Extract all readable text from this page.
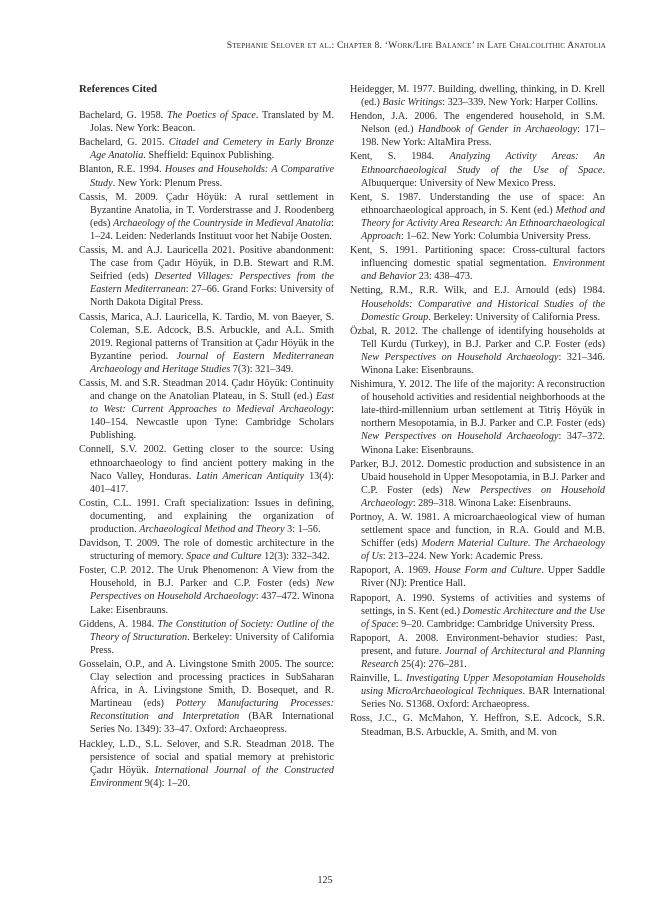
Stephanie Selover et al.: Chapter 8. ‘Work/Life Balance’ in Late Chalcolithic Anatolia
References Cited
Bachelard, G. 1958. The Poetics of Space. Translated by M. Jolas. New York: Beacon.
Bachelard, G. 2015. Citadel and Cemetery in Early Bronze Age Anatolia. Sheffield: Equinox Publishing.
Blanton, R.E. 1994. Houses and Households: A Comparative Study. New York: Plenum Press.
Cassis, M. 2009. Çadır Höyük: A rural settlement in Byzantine Anatolia, in T. Vorderstrasse and J. Roodenberg (eds) Archaeology of the Countryside in Medieval Anatolia: 1–24. Leiden: Nederlands Instituut voor het Nabije Oosten.
Cassis, M. and A.J. Lauricella 2021. Positive abandonment: The case from Çadır Höyük, in D.B. Stewart and R.M. Seifried (eds) Deserted Villages: Perspectives from the Eastern Mediterranean: 27–66. Grand Forks: University of North Dakota Digital Press.
Cassis, Marica, A.J. Lauricella, K. Tardio, M. von Baeyer, S. Coleman, S.E. Adcock, B.S. Arbuckle, and A.L. Smith 2019. Regional patterns of Transition at Çadır Höyük in the Byzantine period. Journal of Eastern Mediterranean Archaeology and Heritage Studies 7(3): 321–349.
Cassis, M. and S.R. Steadman 2014. Çadır Höyük: Continuity and change on the Anatolian Plateau, in S. Stull (ed.) East to West: Current Approaches to Medieval Archaeology: 140–154. Newcastle upon Tyne: Cambridge Scholars Publishing.
Connell, S.V. 2002. Getting closer to the source: Using ethnoarchaeology to find ancient pottery making in the Naco Valley, Honduras. Latin American Antiquity 13(4): 401–417.
Costin, C.L. 1991. Craft specialization: Issues in defining, documenting, and explaining the organization of production. Archaeological Method and Theory 3: 1–56.
Davidson, T. 2009. The role of domestic architecture in the structuring of memory. Space and Culture 12(3): 332–342.
Foster, C.P. 2012. The Uruk Phenomenon: A View from the Household, in B.J. Parker and C.P. Foster (eds) New Perspectives on Household Archaeology: 437–472. Winona Lake: Eisenbrauns.
Giddens, A. 1984. The Constitution of Society: Outline of the Theory of Structuration. Berkeley: University of California Press.
Gosselain, O.P., and A. Livingstone Smith 2005. The source: Clay selection and processing practices in SubSaharan Africa, in A. Livingstone Smith, D. Bosequet, and R. Martineau (eds) Pottery Manufacturing Processes: Reconstitution and Interpretation (BAR International Series No. 1349): 33–47. Oxford: Archaeopress.
Hackley, L.D., S.L. Selover, and S.R. Steadman 2018. The persistence of social and spatial memory at prehistoric Çadır Höyük. International Journal of the Constructed Environment 9(4): 1–20.
Heidegger, M. 1977. Building, dwelling, thinking, in D. Krell (ed.) Basic Writings: 323–339. New York: Harper Collins.
Hendon, J.A. 2006. The engendered household, in S.M. Nelson (ed.) Handbook of Gender in Archaeology: 171–198. New York: AltaMira Press.
Kent, S. 1984. Analyzing Activity Areas: An Ethnoarchaeological Study of the Use of Space. Albuquerque: University of New Mexico Press.
Kent, S. 1987. Understanding the use of space: An ethnoarchaeological approach, in S. Kent (ed.) Method and Theory for Activity Area Research: An Ethnoarchaeological Approach: 1–62. New York: Columbia University Press.
Kent, S. 1991. Partitioning space: Cross-cultural factors influencing domestic spatial segmentation. Environment and Behavior 23: 438–473.
Netting, R.M., R.R. Wilk, and E.J. Arnould (eds) 1984. Households: Comparative and Historical Studies of the Domestic Group. Berkeley: University of California Press.
Özbal, R. 2012. The challenge of identifying households at Tell Kurdu (Turkey), in B.J. Parker and C.P. Foster (eds) New Perspectives on Household Archaeology: 321–346. Winona Lake: Eisenbrauns.
Nishimura, Y. 2012. The life of the majority: A reconstruction of household activities and residential neighborhoods at the late-third-millennium urban settlement at Titriş Höyük in northern Mesopotamia, in B.J. Parker and C.P. Foster (eds) New Perspectives on Household Archaeology: 347–372. Winona Lake: Eisenbrauns.
Parker, B.J. 2012. Domestic production and subsistence in an Ubaid household in Upper Mesopotamia, in B.J. Parker and C.P. Foster (eds) New Perspectives on Household Archaeology: 289–318. Winona Lake: Eisenbrauns.
Portnoy, A. W. 1981. A microarchaeological view of human settlement space and function, in R.A. Gould and M.B. Schiffer (eds) Modern Material Culture. The Archaeology of Us: 213–224. New York: Academic Press.
Rapoport, A. 1969. House Form and Culture. Upper Saddle River (NJ): Prentice Hall.
Rapoport, A. 1990. Systems of activities and systems of settings, in S. Kent (ed.) Domestic Architecture and the Use of Space: 9–20. Cambridge: Cambridge University Press.
Rapoport, A. 2008. Environment-behavior studies: Past, present, and future. Journal of Architectural and Planning Research 25(4): 276–281.
Rainville, L. Investigating Upper Mesopotamian Households using MicroArchaeological Techniques. BAR International Series No. S1368. Oxford: Archaeopress.
Ross, J.C., G. McMahon, Y. Heffron, S.E. Adcock, S.R. Steadman, B.S. Arbuckle, A. Smith, and M. von
125
